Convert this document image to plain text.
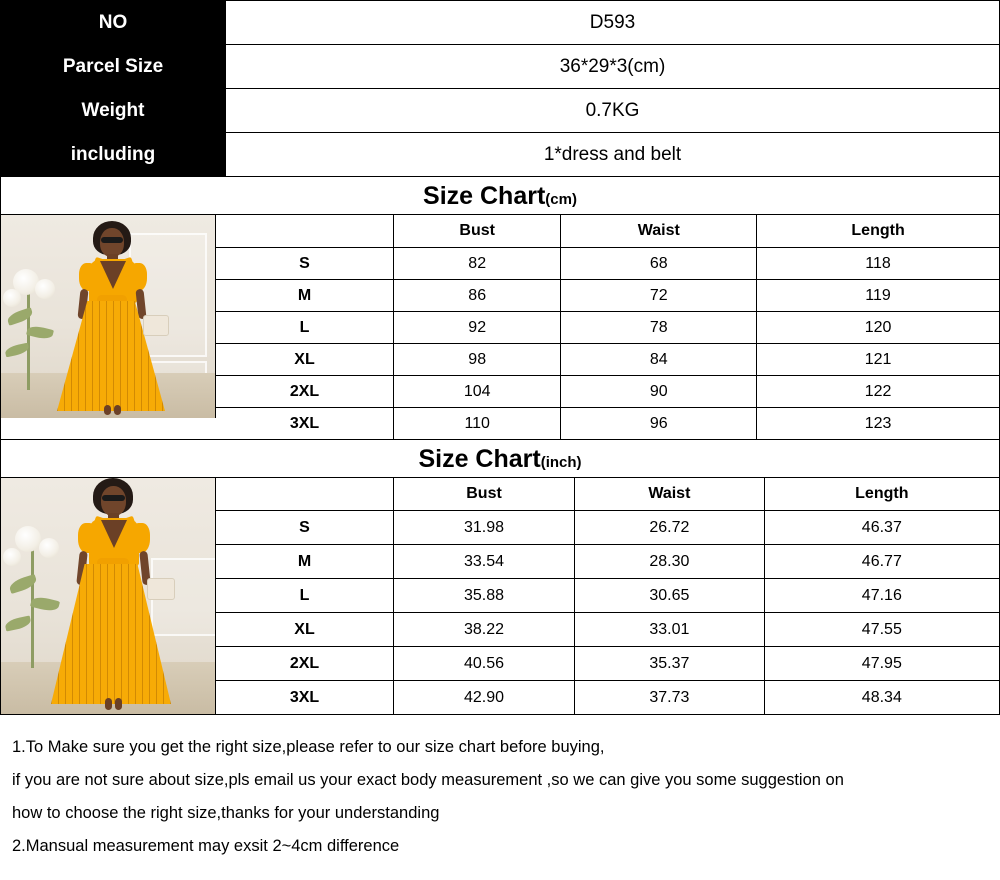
NO	D593
Parcel Size	36*29*3(cm)
Weight	0.7KG
including	1*dress and belt
Size Chart(cm)
	Bust	Waist	Length
S	82	68	118
M	86	72	119
L	92	78	120
XL	98	84	121
2XL	104	90	122
3XL	110	96	123
Size Chart(inch)
	Bust	Waist	Length
S	31.98	26.72	46.37
M	33.54	28.30	46.77
L	35.88	30.65	47.16
XL	38.22	33.01	47.55
2XL	40.56	35.37	47.95
3XL	42.90	37.73	48.34

1.To Make sure you get the right size,please refer to our size chart before buying,

if you are not sure about size,pls email us your exact body measurement ,so we can give you some suggestion on

how to choose the right size,thanks for your understanding

2.Mansual measurement may exsit 2~4cm difference
